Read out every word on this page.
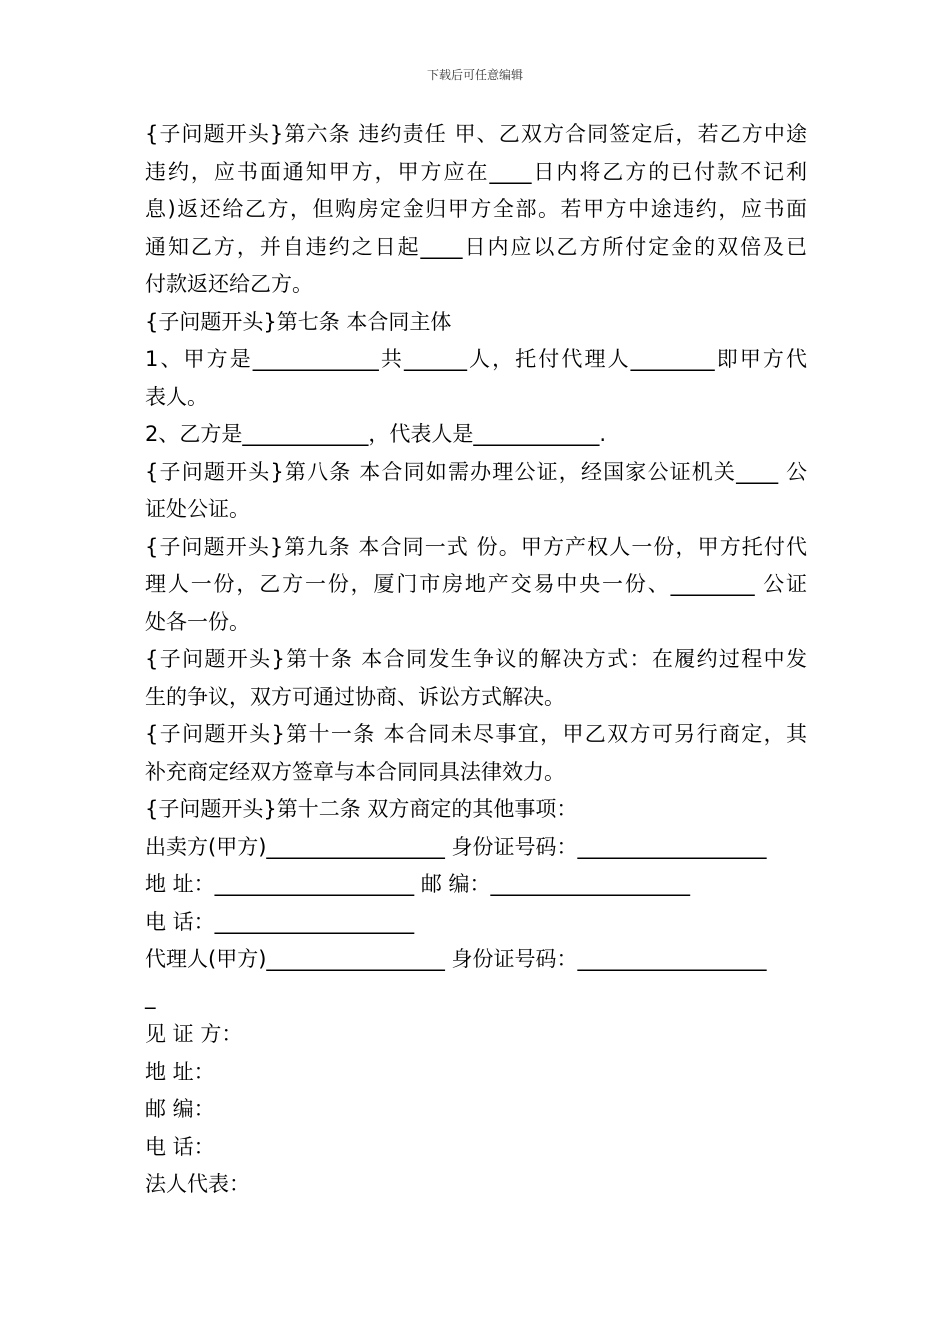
下载后可任意编辑
{子问题开头}第六条 违约责任 甲、乙双方合同签定后，若乙方中途
违约，应书面通知甲方，甲方应在____日内将乙方的已付款不记利
息)返还给乙方，但购房定金归甲方全部。若甲方中途违约，应书面
通知乙方，并自违约之日起____日内应以乙方所付定金的双倍及已
付款返还给乙方。
{子问题开头}第七条 本合同主体
1、甲方是____________共______人，托付代理人________即甲方代
表人。
2、乙方是____________，代表人是____________.
{子问题开头}第八条 本合同如需办理公证，经国家公证机关____ 公
证处公证。
{子问题开头}第九条 本合同一式 份。甲方产权人一份，甲方托付代
理人一份，乙方一份，厦门市房地产交易中央一份、________ 公证
处各一份。
{子问题开头}第十条 本合同发生争议的解决方式：在履约过程中发
生的争议，双方可通过协商、诉讼方式解决。
{子问题开头}第十一条 本合同未尽事宜，甲乙双方可另行商定，其
补充商定经双方签章与本合同同具法律效力。
{子问题开头}第十二条 双方商定的其他事项：
出卖方(甲方)_________________ 身份证号码：__________________
地 址：___________________ 邮 编：___________________
电 话：___________________
代理人(甲方)_________________ 身份证号码：__________________
_
见 证 方：
地 址：
邮 编：
电 话：
法人代表：
